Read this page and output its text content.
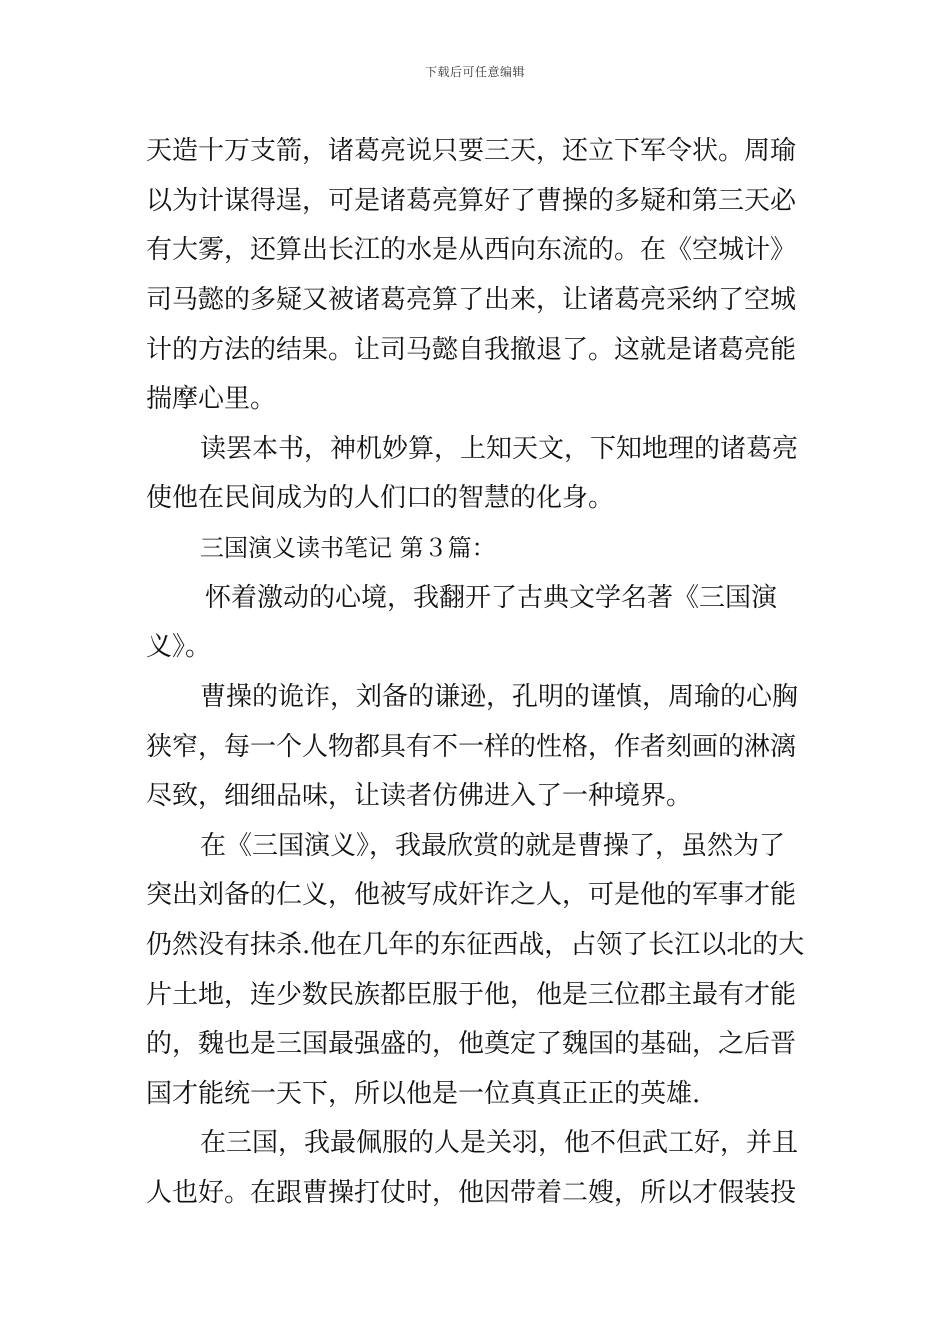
下载后可任意编辑
天造十万支箭，诸葛亮说只要三天，还立下军令状。周瑜
以为计谋得逞，可是诸葛亮算好了曹操的多疑和第三天必
有大雾，还算出长江的水是从西向东流的。在《空城计》
司马懿的多疑又被诸葛亮算了出来，让诸葛亮采纳了空城
计的方法的结果。让司马懿自我撤退了。这就是诸葛亮能
揣摩心里。
读罢本书，神机妙算，上知天文，下知地理的诸葛亮
使他在民间成为的人们口的智慧的化身。
三国演义读书笔记 第３篇：
怀着激动的心境，我翻开了古典文学名著《三国演
义》。
曹操的诡诈，刘备的谦逊，孔明的谨慎，周瑜的心胸
狭窄，每一个人物都具有不一样的性格，作者刻画的淋漓
尽致，细细品味，让读者仿佛进入了一种境界。
在《三国演义》，我最欣赏的就是曹操了，虽然为了
突出刘备的仁义，他被写成奸诈之人，可是他的军事才能
仍然没有抹杀.他在几年的东征西战，占领了长江以北的大
片土地，连少数民族都臣服于他，他是三位郡主最有才能
的，魏也是三国最强盛的，他奠定了魏国的基础，之后晋
国才能统一天下，所以他是一位真真正正的英雄.
在三国，我最佩服的人是关羽，他不但武工好，并且
人也好。在跟曹操打仗时，他因带着二嫂，所以才假装投
